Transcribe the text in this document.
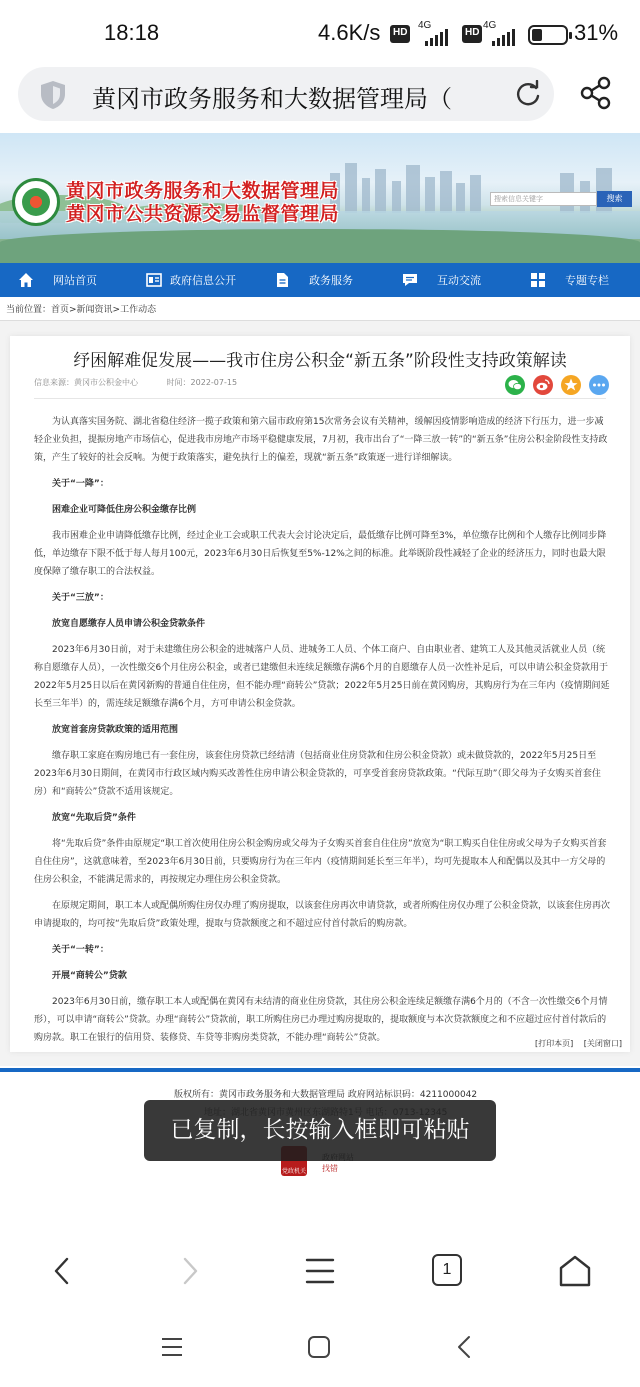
18:18	4.6K/s	HD
4G
HD
4G	31%
黄冈市政务服务和大数据管理局（
黄冈市政务服务和大数据管理局
黄冈市公共资源交易监督管理局
搜索信息关键字	搜索
网站首页	政府信息公开	政务服务	互动交流	专题专栏
当前位置：首页>新闻资讯>工作动态
纾困解难促发展——我市住房公积金“新五条”阶段性支持政策解读
信息来源：黄冈市公积金中心	时间：2022-07-15

为认真落实国务院、湖北省稳住经济一揽子政策和第六届市政府第15次常务会议有关精神，缓解因疫情影响造成的经济下行压力，进一步减轻企业负担，提振房地产市场信心，促进我市房地产市场平稳健康发展，7月初，我市出台了“一降三放一转”的“新五条”住房公积金阶段性支持政策，产生了较好的社会反响。为便于政策落实，避免执行上的偏差，现就“新五条”政策逐一进行详细解读。

关于“一降”：

困难企业可降低住房公积金缴存比例

我市困难企业申请降低缴存比例，经过企业工会或职工代表大会讨论决定后，最低缴存比例可降至3%，单位缴存比例和个人缴存比例同步降低，单边缴存下限不低于每人每月100元，2023年6月30日后恢复至5%-12%之间的标准。此举既阶段性减轻了企业的经济压力，同时也最大限度保障了缴存职工的合法权益。

关于“三放”：

放宽自愿缴存人员申请公积金贷款条件

2023年6月30日前，对于未建缴住房公积金的进城落户人员、进城务工人员、个体工商户、自由职业者、建筑工人及其他灵活就业人员（统称自愿缴存人员），一次性缴交6个月住房公积金，或者已建缴但未连续足额缴存满6个月的自愿缴存人员一次性补足后，可以申请公积金贷款用于2022年5月25日以后在黄冈新购的普通自住住房，但不能办理“商转公”贷款；2022年5月25日前在黄冈购房，其购房行为在三年内（疫情期间延长至三年半）的，需连续足额缴存满6个月，方可申请公积金贷款。

放宽首套房贷款政策的适用范围

缴存职工家庭在购房地已有一套住房，该套住房贷款已经结清（包括商业住房贷款和住房公积金贷款）或未做贷款的，2022年5月25日至2023年6月30日期间，在黄冈市行政区域内购买改善性住房申请公积金贷款的，可享受首套房贷款政策。“代际互助”（即父母为子女购买首套住房）和“商转公”贷款不适用该规定。

放宽“先取后贷”条件

将“先取后贷”条件由原规定“职工首次使用住房公积金购房或父母为子女购买首套自住住房”放宽为“职工购买自住住房或父母为子女购买首套自住住房”，这就意味着，至2023年6月30日前，只要购房行为在三年内（疫情期间延长至三年半），均可先提取本人和配偶以及其中一方父母的住房公积金，不能满足需求的，再按规定办理住房公积金贷款。

在原规定期间，职工本人或配偶所购住房仅办理了购房提取，以该套住房再次申请贷款，或者所购住房仅办理了公积金贷款，以该套住房再次申请提取的，均可按“先取后贷”政策处理，提取与贷款额度之和不超过应付首付款后的购房款。

关于“一转”：

开展“商转公”贷款

2023年6月30日前，缴存职工本人或配偶在黄冈有未结清的商业住房贷款，其住房公积金连续足额缴存满6个月的（不含一次性缴交6个月情形），可以申请“商转公”贷款。办理“商转公”贷款前，职工所购住房已办理过购房提取的，提取额度与本次贷款额度之和不应超过应付首付款后的购房款。职工在银行的信用贷、装修贷、车贷等非购房类贷款，不能办理“商转公”贷款。

[打印本页] [关闭窗口]
版权所有：黄冈市政务服务和大数据管理局 政府网站标识码：4211000042
党政机关 找错
已复制，长按输入框即可粘贴
1
